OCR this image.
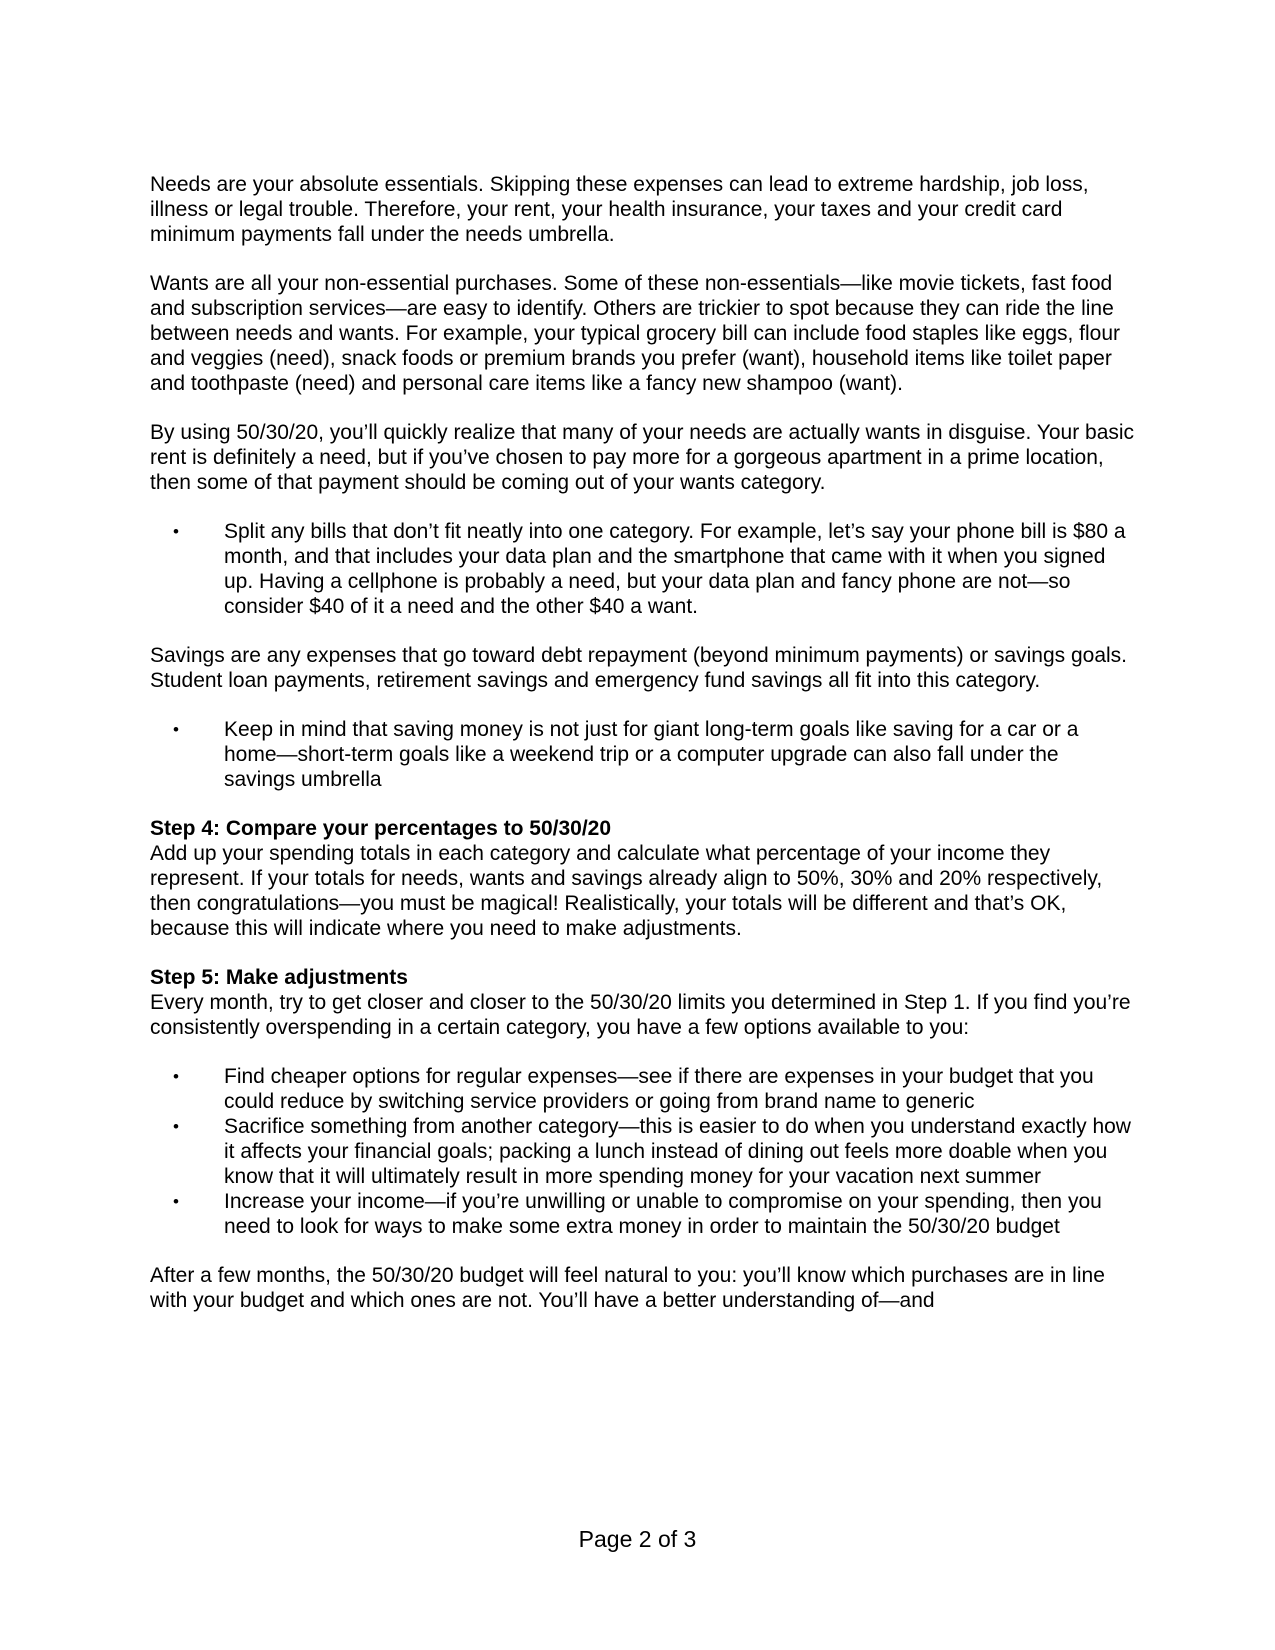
Needs are your absolute essentials. Skipping these expenses can lead to extreme hardship, job loss, illness or legal trouble. Therefore, your rent, your health insurance, your taxes and your credit card minimum payments fall under the needs umbrella.

Wants are all your non-essential purchases. Some of these non-essentials—like movie tickets, fast food and subscription services—are easy to identify. Others are trickier to spot because they can ride the line between needs and wants. For example, your typical grocery bill can include food staples like eggs, flour and veggies (need), snack foods or premium brands you prefer (want), household items like toilet paper and toothpaste (need) and personal care items like a fancy new shampoo (want).

By using 50/30/20, you’ll quickly realize that many of your needs are actually wants in disguise. Your basic rent is definitely a need, but if you’ve chosen to pay more for a gorgeous apartment in a prime location, then some of that payment should be coming out of your wants category.

• Split any bills that don’t fit neatly into one category. For example, let’s say your phone bill is $80 a month, and that includes your data plan and the smartphone that came with it when you signed up. Having a cellphone is probably a need, but your data plan and fancy phone are not—so consider $40 of it a need and the other $40 a want.

Savings are any expenses that go toward debt repayment (beyond minimum payments) or savings goals. Student loan payments, retirement savings and emergency fund savings all fit into this category.

• Keep in mind that saving money is not just for giant long-term goals like saving for a car or a home—short-term goals like a weekend trip or a computer upgrade can also fall under the savings umbrella

Step 4: Compare your percentages to 50/30/20
Add up your spending totals in each category and calculate what percentage of your income they represent. If your totals for needs, wants and savings already align to 50%, 30% and 20% respectively, then congratulations—you must be magical! Realistically, your totals will be different and that’s OK, because this will indicate where you need to make adjustments.

Step 5: Make adjustments
Every month, try to get closer and closer to the 50/30/20 limits you determined in Step 1. If you find you’re consistently overspending in a certain category, you have a few options available to you:

• Find cheaper options for regular expenses—see if there are expenses in your budget that you could reduce by switching service providers or going from brand name to generic
• Sacrifice something from another category—this is easier to do when you understand exactly how it affects your financial goals; packing a lunch instead of dining out feels more doable when you know that it will ultimately result in more spending money for your vacation next summer
• Increase your income—if you’re unwilling or unable to compromise on your spending, then you need to look for ways to make some extra money in order to maintain the 50/30/20 budget

After a few months, the 50/30/20 budget will feel natural to you: you’ll know which purchases are in line with your budget and which ones are not. You’ll have a better understanding of—and

Page 2 of 3
